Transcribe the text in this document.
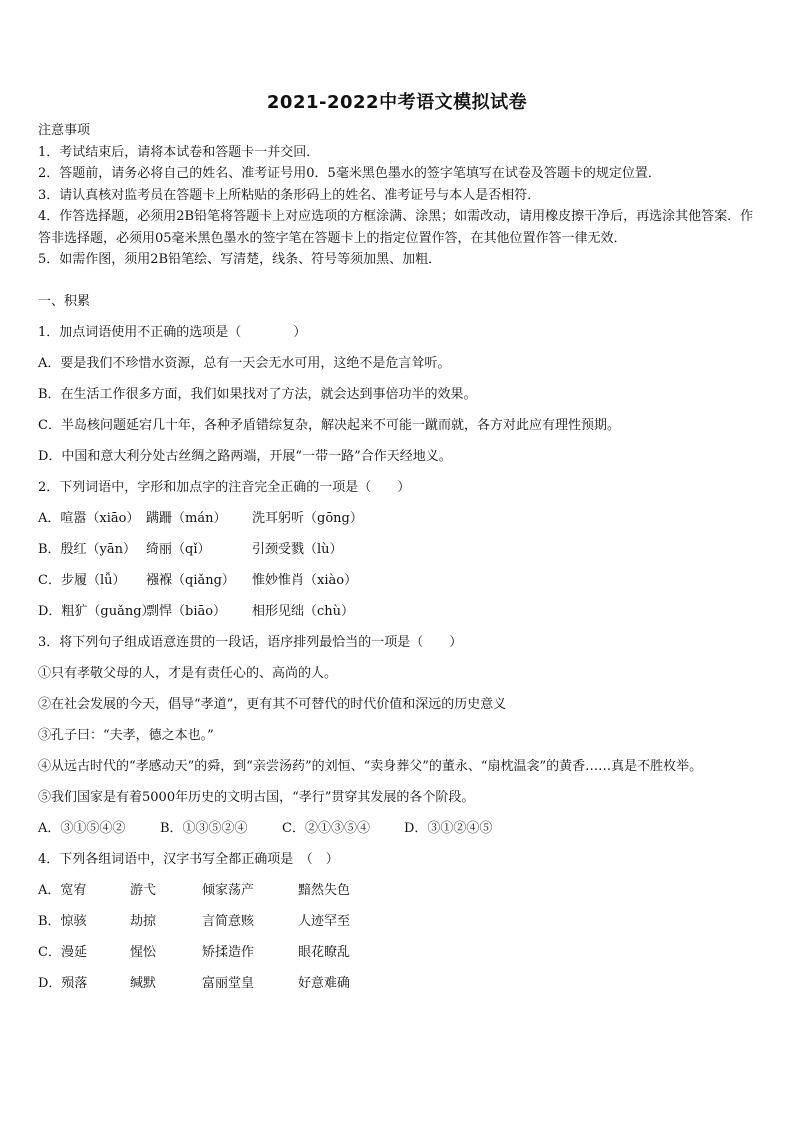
2021-2022中考语文模拟试卷

注意事项

1．考试结束后，请将本试卷和答题卡一并交回．

2．答题前，请务必将自己的姓名、准考证号用0．5毫米黑色墨水的签字笔填写在试卷及答题卡的规定位置．

3．请认真核对监考员在答题卡上所粘贴的条形码上的姓名、准考证号与本人是否相符．

4．作答选择题，必须用2B铅笔将答题卡上对应选项的方框涂满、涂黑；如需改动，请用橡皮擦干净后，再选涂其他答案．作答非选择题，必须用05毫米黑色墨水的签字笔在答题卡上的指定位置作答，在其他位置作答一律无效．

5．如需作图，须用2B铅笔绘、写清楚，线条、符号等须加黑、加粗．

一、积累
1．加点词语使用不正确的选项是（　　　　）
A．要是我们不珍惜水资源，总有一天会无水可用，这绝不是危言耸听。
B．在生活工作很多方面，我们如果找对了方法，就会达到事倍功半的效果。
C．半岛核问题延宕几十年，各种矛盾错综复杂，解决起来不可能一蹴而就，各方对此应有理性预期。
D．中国和意大利分处古丝绸之路两端，开展“一带一路”合作天经地义。
2．下列词语中，字形和加点字的注音完全正确的一项是（　　）
A．喧嚣（xiāo） 蹒跚（mán） 洗耳躬听（gōng）
B．殷红（yān） 绮丽（qǐ）	引颈受戮（lù）
C．步履（lǚ） 襁褓（qiǎng） 惟妙惟肖（xiào）
D．粗犷（guǎng）剽悍（biāo） 相形见绌（chù）
3．将下列句子组成语意连贯的一段话，语序排列最恰当的一项是（　　）
①只有孝敬父母的人，才是有责任心的、高尚的人。
②在社会发展的今天，倡导“孝道”，更有其不可替代的时代价值和深远的历史意义
③孔子曰：“夫孝，德之本也。”
④从远古时代的“孝感动天”的舜，到“亲尝汤药”的刘恒、“卖身葬父”的董永、“扇枕温衾”的黄香……真是不胜枚举。
⑤我们国家是有着5000年历史的文明古国，“孝行”贯穿其发展的各个阶段。
A．③①⑤④②	B．①③⑤②④	C．②①③⑤④	D．③①②④⑤
4．下列各组词语中，汉字书写全都正确项是　（　）
A．宽宥	游弋	倾家荡产	黯然失色
B．惊骇	劫掠	言简意赅	人迹罕至
C．漫延	惺忪	矫揉造作	眼花瞭乱
D．殒落	缄默	富丽堂皇	好意难确
